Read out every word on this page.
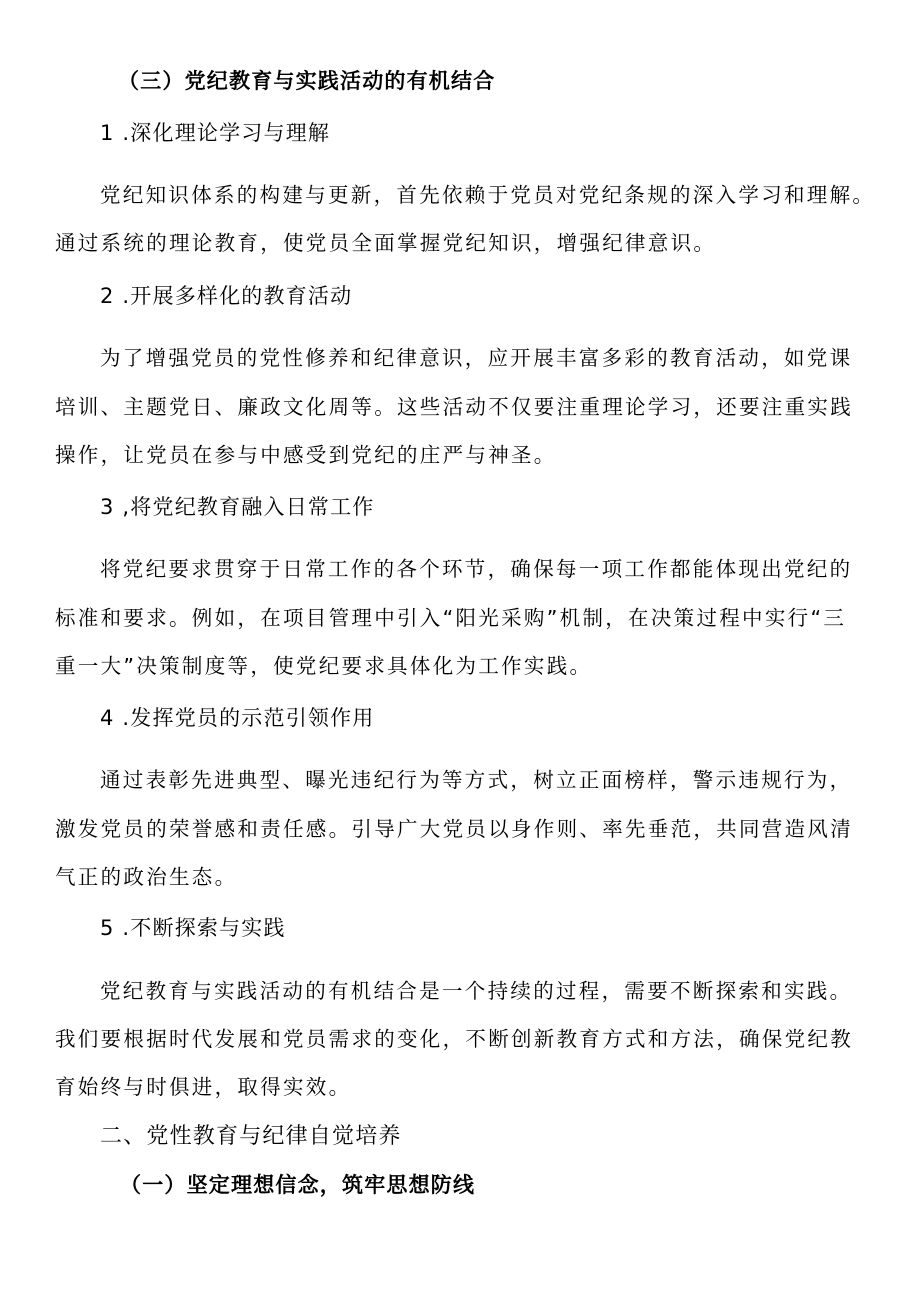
（三）党纪教育与实践活动的有机结合
1 .深化理论学习与理解
党纪知识体系的构建与更新，首先依赖于党员对党纪条规的深入学习和理解。
通过系统的理论教育，使党员全面掌握党纪知识，增强纪律意识。
2 .开展多样化的教育活动
为了增强党员的党性修养和纪律意识，应开展丰富多彩的教育活动，如党课
培训、主题党日、廉政文化周等。这些活动不仅要注重理论学习，还要注重实践
操作，让党员在参与中感受到党纪的庄严与神圣。
3 ,将党纪教育融入日常工作
将党纪要求贯穿于日常工作的各个环节，确保每一项工作都能体现出党纪的
标准和要求。例如，在项目管理中引入“阳光采购”机制，在决策过程中实行“三
重一大”决策制度等，使党纪要求具体化为工作实践。
4 .发挥党员的示范引领作用
通过表彰先进典型、曝光违纪行为等方式，树立正面榜样，警示违规行为，
激发党员的荣誉感和责任感。引导广大党员以身作则、率先垂范，共同营造风清
气正的政治生态。
5 .不断探索与实践
党纪教育与实践活动的有机结合是一个持续的过程，需要不断探索和实践。
我们要根据时代发展和党员需求的变化，不断创新教育方式和方法，确保党纪教
育始终与时俱进，取得实效。
二、党性教育与纪律自觉培养
（一）坚定理想信念，筑牢思想防线
